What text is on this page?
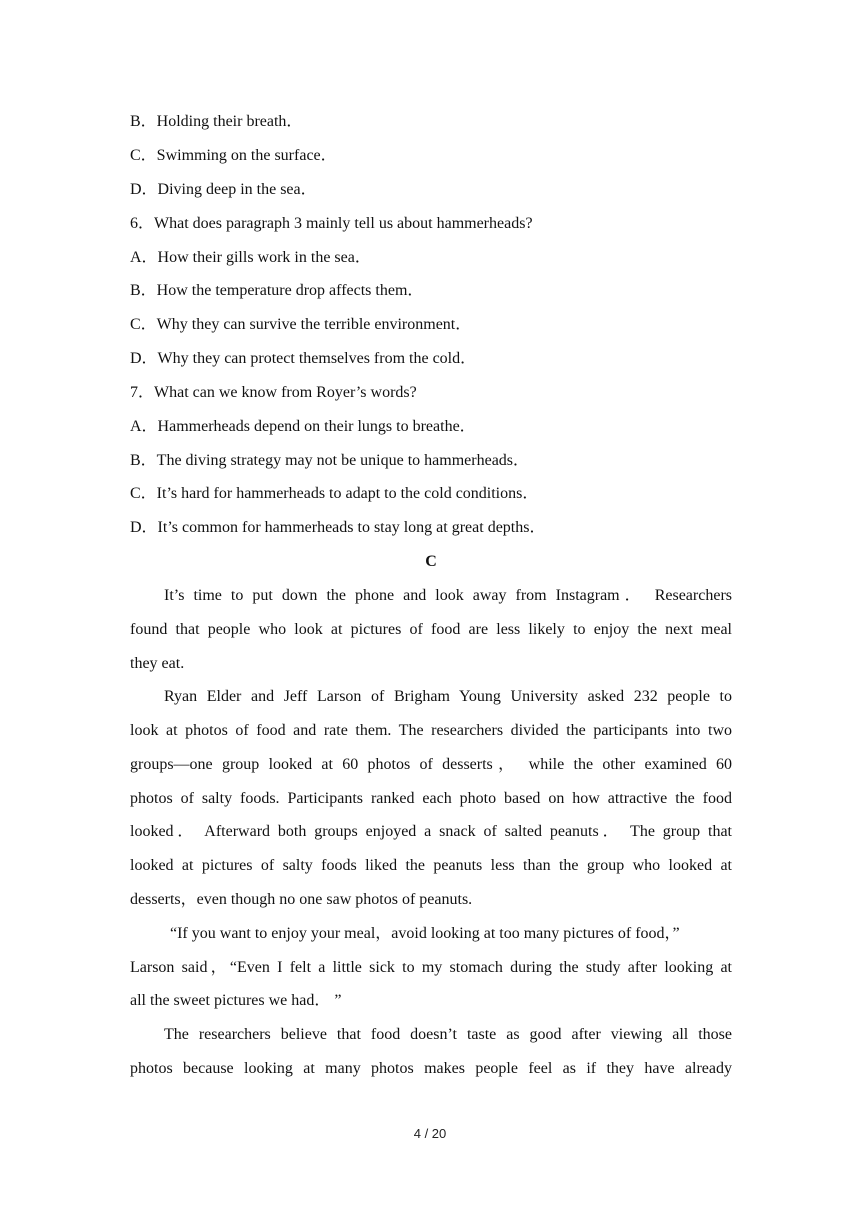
B．Holding their breath．
C．Swimming on the surface．
D．Diving deep in the sea．
6．What does paragraph 3 mainly tell us about hammerheads?
A．How their gills work in the sea．
B．How the temperature drop affects them．
C．Why they can survive the terrible environment．
D．Why they can protect themselves from the cold．
7．What can we know from Royer’s words?
A．Hammerheads depend on their lungs to breathe．
B．The diving strategy may not be unique to hammerheads．
C．It’s hard for hammerheads to adapt to the cold conditions．
D．It’s common for hammerheads to stay long at great depths．
C
It’s time to put down the phone and look away from Instagram． Researchers
found that people who look at pictures of food are less likely to enjoy the next meal
they eat.
Ryan Elder and Jeff Larson of Brigham Young University asked 232 people to
look at photos of food and rate them. The researchers divided the participants into two
groups—one group looked at 60 photos of desserts， while the other examined 60
photos of salty foods. Participants ranked each photo based on how attractive the food
looked． Afterward both groups enjoyed a snack of salted peanuts． The group that
looked at pictures of salty foods liked the peanuts less than the group who looked at
desserts，even though no one saw photos of peanuts.
“If you want to enjoy your meal，avoid looking at too many pictures of food，”
Larson said，“Even I felt a little sick to my stomach during the study after looking at
all the sweet pictures we had． ”
The researchers believe that food doesn’t taste as good after viewing all those
photos because looking at many photos makes people feel as if they have already
4 / 20
